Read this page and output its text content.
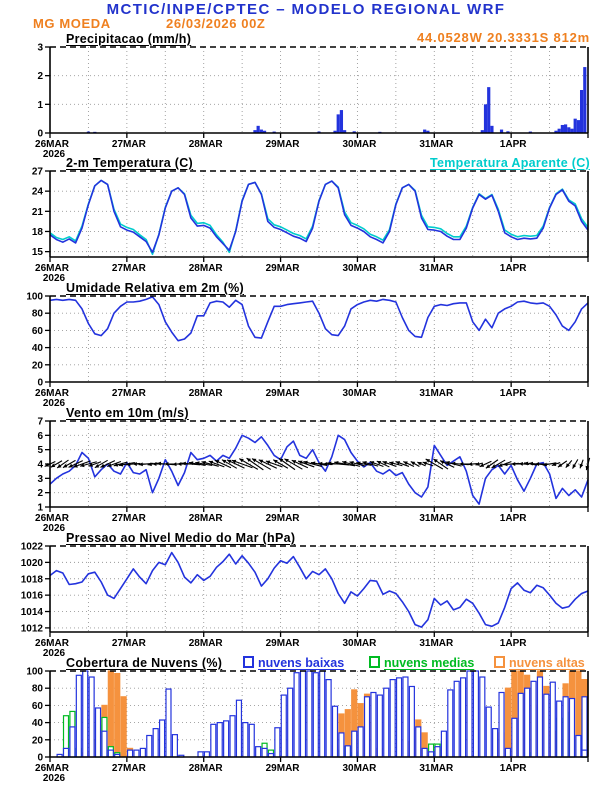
0
1
2
3
26MAR	27MAR	28MAR	29MAR	30MAR	31MAR	1APR
2026
15
18
21
24
27
26MAR	27MAR	28MAR	29MAR	30MAR	31MAR	1APR
2026
0
20
40
60
80
100
26MAR	27MAR	28MAR	29MAR	30MAR	31MAR	1APR
2026
1
2
3
4
5
6
7
26MAR	27MAR	28MAR	29MAR	30MAR	31MAR	1APR
2026
1012
1014
1016
1018
1020
1022
26MAR	27MAR	28MAR	29MAR	30MAR	31MAR	1APR
2026
0
20
40
60
80
100
26MAR	27MAR	28MAR	29MAR	30MAR	31MAR	1APR
2026
MCTIC/INPE/CPTEC – MODELO REGIONAL WRF
MG MOEDA	26/03/2026 00Z
44.0528W 20.3331S 812m
Precipitacao (mm/h)
2-m Temperatura (C)	Temperatura Aparente (C)
Umidade Relativa em 2m (%)
Vento em 10m (m/s)
Pressao ao Nivel Medio do Mar (hPa)
Cobertura de Nuvens (%)	nuvens baixas	nuvens medias	nuvens altas
